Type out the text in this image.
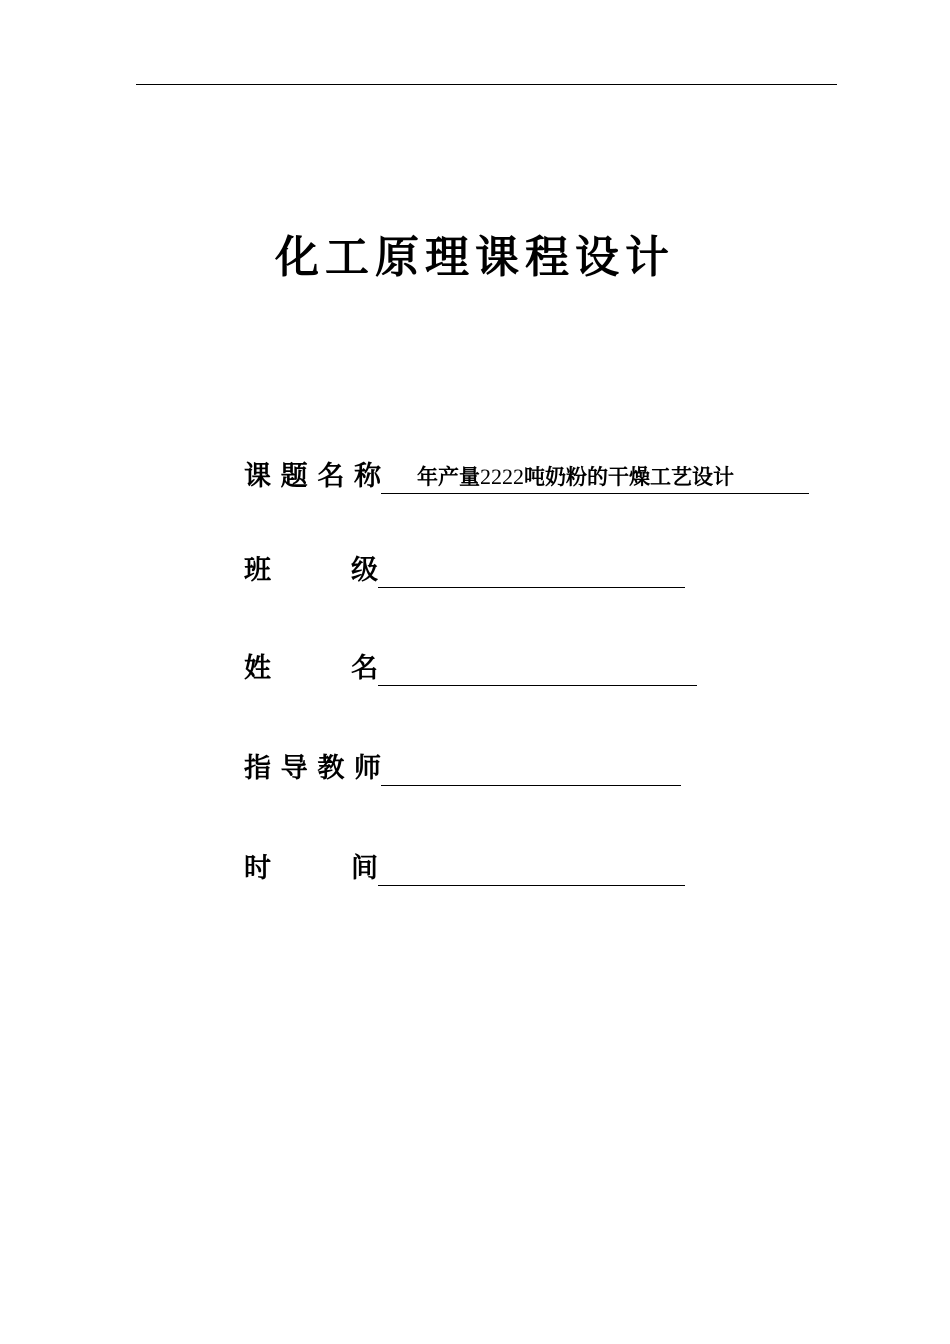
化工原理课程设计
课 题 名 称	年产量2222吨奶粉的干燥工艺设计
班	级
姓	名
指 导 教 师
时	间
